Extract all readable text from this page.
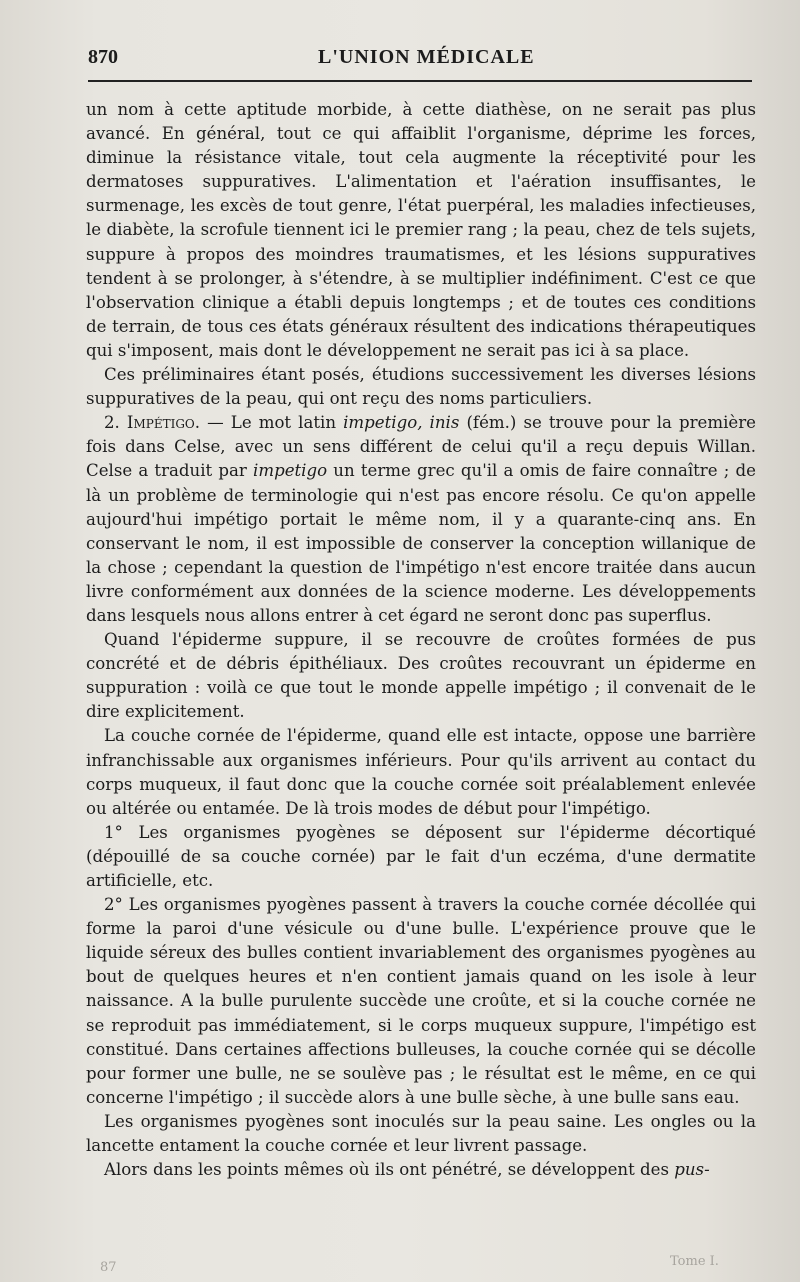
870	L'UNION MÉDICALE

un nom à cette aptitude morbide, à cette diathèse, on ne serait pas plus avancé. En général, tout ce qui affaiblit l'organisme, déprime les forces, diminue la résistance vitale, tout cela augmente la réceptivité pour les dermatoses suppuratives. L'alimentation et l'aération insuffisantes, le surmenage, les excès de tout genre, l'état puerpéral, les maladies infectieuses, le diabète, la scrofule tiennent ici le premier rang ; la peau, chez de tels sujets, suppure à propos des moindres traumatismes, et les lésions suppuratives tendent à se prolonger, à s'étendre, à se multiplier indéfiniment. C'est ce que l'observation clinique a établi depuis longtemps ; et de toutes ces conditions de terrain, de tous ces états généraux résultent des indications thérapeutiques qui s'imposent, mais dont le développement ne serait pas ici à sa place.

Ces préliminaires étant posés, étudions successivement les diverses lésions suppuratives de la peau, qui ont reçu des noms particuliers.

2. Impétigo. — Le mot latin impetigo, inis (fém.) se trouve pour la première fois dans Celse, avec un sens différent de celui qu'il a reçu depuis Willan. Celse a traduit par impetigo un terme grec qu'il a omis de faire connaître ; de là un problème de terminologie qui n'est pas encore résolu. Ce qu'on appelle aujourd'hui impétigo portait le même nom, il y a quarante-cinq ans. En conservant le nom, il est impossible de conserver la conception willanique de la chose ; cependant la question de l'impétigo n'est encore traitée dans aucun livre conformément aux données de la science moderne. Les développements dans lesquels nous allons entrer à cet égard ne seront donc pas superflus.

Quand l'épiderme suppure, il se recouvre de croûtes formées de pus concrété et de débris épithéliaux. Des croûtes recouvrant un épiderme en suppuration : voilà ce que tout le monde appelle impétigo ; il convenait de le dire explicitement.

La couche cornée de l'épiderme, quand elle est intacte, oppose une barrière infranchissable aux organismes inférieurs. Pour qu'ils arrivent au contact du corps muqueux, il faut donc que la couche cornée soit préalablement enlevée ou altérée ou entamée. De là trois modes de début pour l'impétigo.

1° Les organismes pyogènes se déposent sur l'épiderme décortiqué (dépouillé de sa couche cornée) par le fait d'un eczéma, d'une dermatite artificielle, etc.

2° Les organismes pyogènes passent à travers la couche cornée décollée qui forme la paroi d'une vésicule ou d'une bulle. L'expérience prouve que le liquide séreux des bulles contient invariablement des organismes pyogènes au bout de quelques heures et n'en contient jamais quand on les isole à leur naissance. A la bulle purulente succède une croûte, et si la couche cornée ne se reproduit pas immédiatement, si le corps muqueux suppure, l'impétigo est constitué. Dans certaines affections bulleuses, la couche cornée qui se décolle pour former une bulle, ne se soulève pas ; le résultat est le même, en ce qui concerne l'impétigo ; il succède alors à une bulle sèche, à une bulle sans eau.

Les organismes pyogènes sont inoculés sur la peau saine. Les ongles ou la lancette entament la couche cornée et leur livrent passage.

Alors dans les points mêmes où ils ont pénétré, se développent des pus-

87	Tome I.
